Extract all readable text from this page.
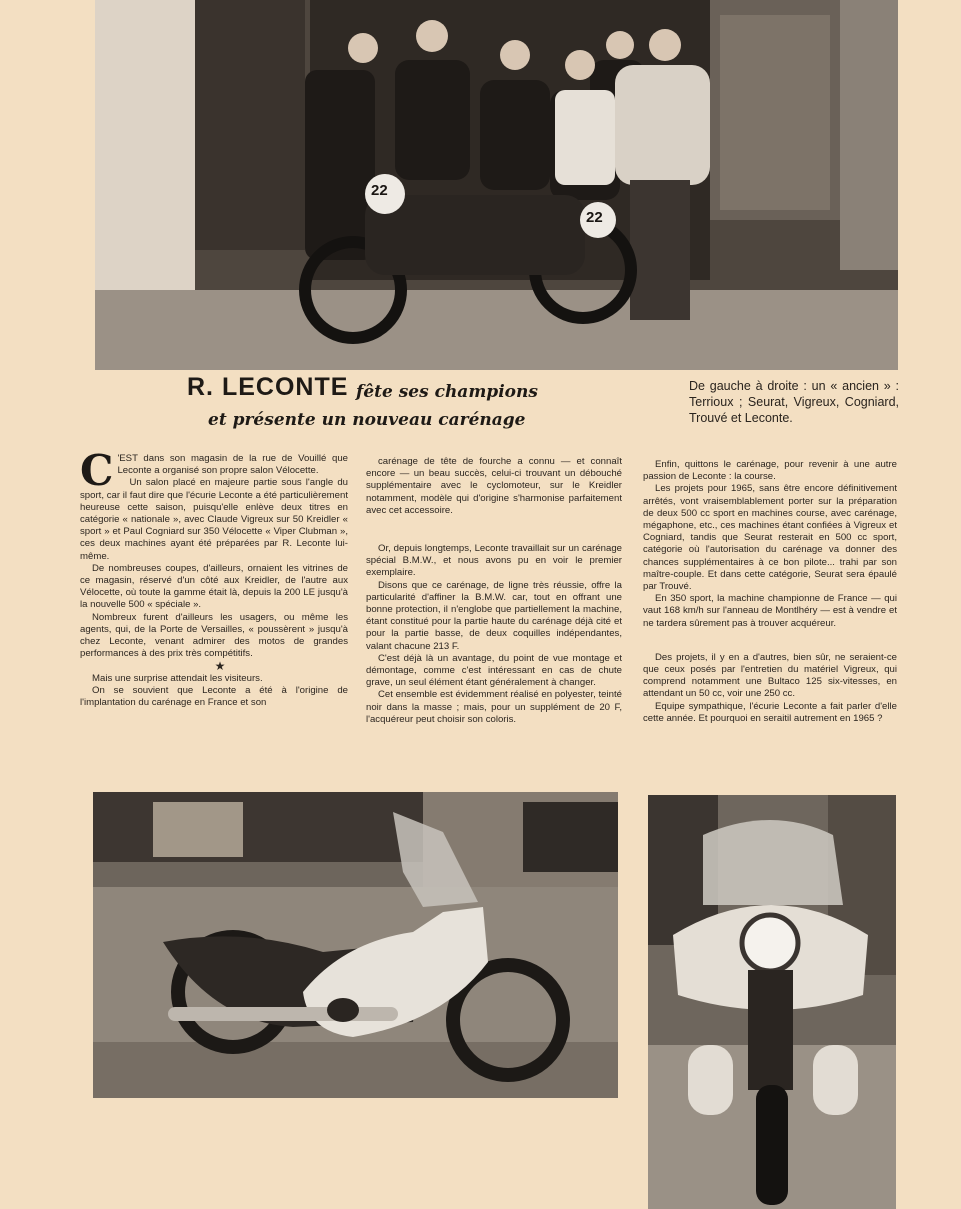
22
22
R. LECONTE fête ses champions
et présente un nouveau carénage

De gauche à droite : un « ancien » : Terrioux ; Seurat, Vigreux, Cogniard, Trouvé et Leconte.

C 'EST dans son magasin de la rue de Vouillé que Leconte a organisé son propre salon Vélocette.

Un salon placé en majeure partie sous l'angle du sport, car il faut dire que l'écurie Leconte a été particulièrement heureuse cette saison, puisqu'elle enlève deux titres en catégorie « nationale », avec Claude Vigreux sur 50 Kreidler « sport » et Paul Cogniard sur 350 Vélocette « Viper Clubman », ces deux machines ayant été préparées par R. Leconte lui-même.

De nombreuses coupes, d'ailleurs, ornaient les vitrines de ce magasin, réservé d'un côté aux Kreidler, de l'autre aux Vélocette, où toute la gamme était là, depuis la 200 LE jusqu'à la nouvelle 500 « spéciale ».

Nombreux furent d'ailleurs les usagers, ou même les agents, qui, de la Porte de Versailles, « poussèrent » jusqu'à chez Leconte, venant admirer des motos de grandes performances à des prix très compétitifs.

★

Mais une surprise attendait les visiteurs.

On se souvient que Leconte a été à l'origine de l'implantation du carénage en France et son

carénage de tête de fourche a connu — et connaît encore — un beau succès, celui-ci trouvant un débouché supplémentaire avec le cyclomoteur, sur le Kreidler notamment, modèle qui d'origine s'harmonise parfaitement avec cet accessoire.

Or, depuis longtemps, Leconte travaillait sur un carénage spécial B.M.W., et nous avons pu en voir le premier exemplaire.

Disons que ce carénage, de ligne très réussie, offre la particularité d'affiner la B.M.W. car, tout en offrant une bonne protection, il n'englobe que partiellement la machine, étant constitué pour la partie haute du carénage déjà cité et pour la partie basse, de deux coquilles indépendantes, valant chacune 213 F.

C'est déjà là un avantage, du point de vue montage et démontage, comme c'est intéressant en cas de chute grave, un seul élément étant généralement à changer.

Cet ensemble est évidemment réalisé en polyester, teinté noir dans la masse ; mais, pour un supplément de 20 F, l'acquéreur peut choisir son coloris.

Enfin, quittons le carénage, pour revenir à une autre passion de Leconte : la course.

Les projets pour 1965, sans être encore définitivement arrêtés, vont vraisemblablement porter sur la préparation de deux 500 cc sport en machines course, avec carénage, mégaphone, etc., ces machines étant confiées à Vigreux et Cogniard, tandis que Seurat resterait en 500 cc sport, catégorie où l'autorisation du carénage va donner des chances supplémentaires à ce bon pilote... trahi par son maître-couple. Et dans cette catégorie, Seurat sera épaulé par Trouvé.

En 350 sport, la machine championne de France — qui vaut 168 km/h sur l'anneau de Montlhéry — est à vendre et ne tardera sûrement pas à trouver acquéreur.

Des projets, il y en a d'autres, bien sûr, ne seraient-ce que ceux posés par l'entretien du matériel Vigreux, qui comprend notamment une Bultaco 125 six-vitesses, en attendant un 50 cc, voir une 250 cc.

Equipe sympathique, l'écurie Leconte a fait parler d'elle cette année. Et pourquoi en seraitil autrement en 1965 ?
